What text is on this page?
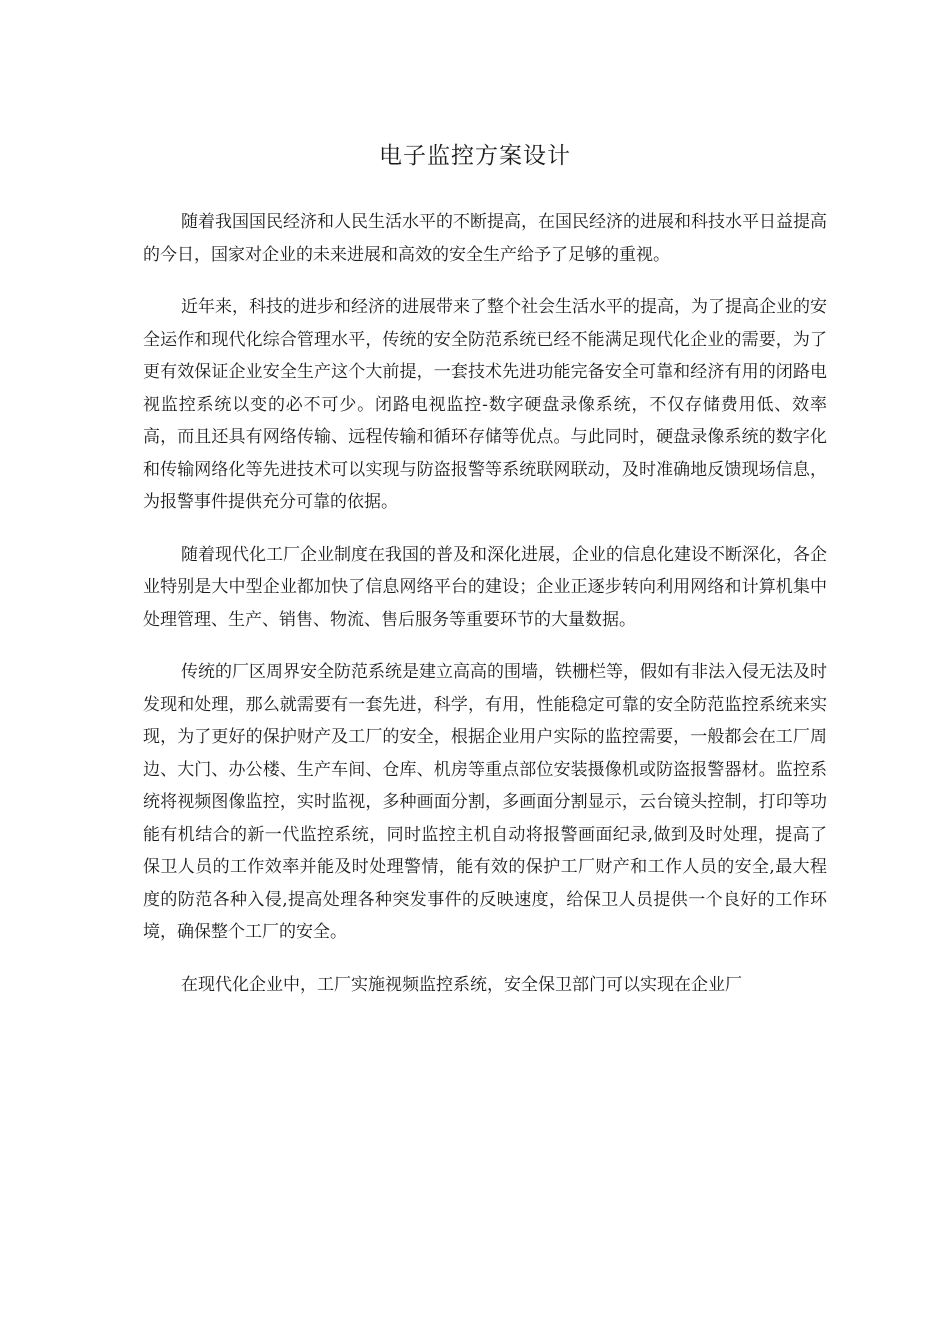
电子监控方案设计

随着我国国民经济和人民生活水平的不断提高，在国民经济的进展和科技水平日益提高的今日，国家对企业的未来进展和高效的安全生产给予了足够的重视。

近年来，科技的进步和经济的进展带来了整个社会生活水平的提高，为了提高企业的安全运作和现代化综合管理水平，传统的安全防范系统已经不能满足现代化企业的需要，为了更有效保证企业安全生产这个大前提，一套技术先进功能完备安全可靠和经济有用的闭路电视监控系统以变的必不可少。闭路电视监控-数字硬盘录像系统，不仅存储费用低、效率高，而且还具有网络传输、远程传输和循环存储等优点。与此同时，硬盘录像系统的数字化和传输网络化等先进技术可以实现与防盗报警等系统联网联动，及时准确地反馈现场信息，为报警事件提供充分可靠的依据。

随着现代化工厂企业制度在我国的普及和深化进展，企业的信息化建设不断深化，各企业特别是大中型企业都加快了信息网络平台的建设；企业正逐步转向利用网络和计算机集中处理管理、生产、销售、物流、售后服务等重要环节的大量数据。

传统的厂区周界安全防范系统是建立高高的围墙，铁栅栏等，假如有非法入侵无法及时发现和处理，那么就需要有一套先进，科学，有用，性能稳定可靠的安全防范监控系统来实现，为了更好的保护财产及工厂的安全，根据企业用户实际的监控需要，一般都会在工厂周边、大门、办公楼、生产车间、仓库、机房等重点部位安装摄像机或防盗报警器材。监控系统将视频图像监控，实时监视，多种画面分割，多画面分割显示，云台镜头控制，打印等功能有机结合的新一代监控系统，同时监控主机自动将报警画面纪录,做到及时处理，提高了保卫人员的工作效率并能及时处理警情，能有效的保护工厂财产和工作人员的安全,最大程度的防范各种入侵,提高处理各种突发事件的反映速度，给保卫人员提供一个良好的工作环境，确保整个工厂的安全。

在现代化企业中，工厂实施视频监控系统，安全保卫部门可以实现在企业厂
